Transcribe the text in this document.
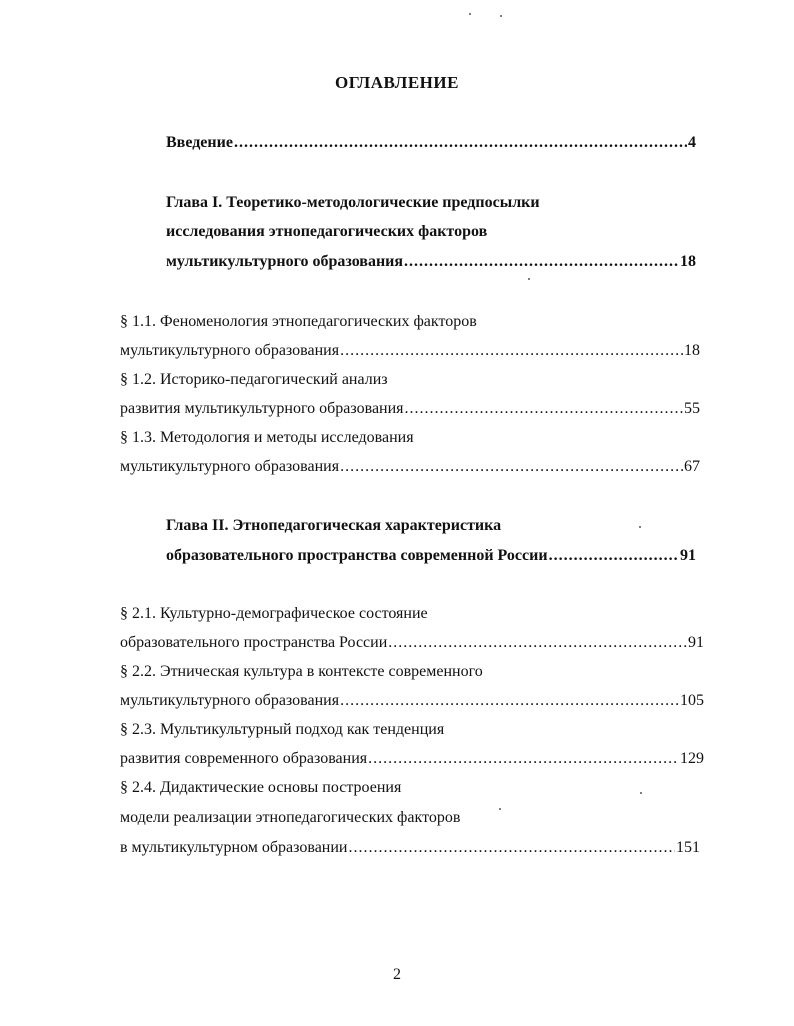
ОГЛАВЛЕНИЕ
Введение .....	4
Глава I. Теоретико-методологические предпосылки
исследования этнопедагогических факторов
мультикультурного образования .....	18
§ 1.1. Феноменология этнопедагогических факторов
мультикультурного образования .....	18
§ 1.2. Историко-педагогический анализ
развития мультикультурного образования .....	55
§ 1.3. Методология и методы исследования
мультикультурного образования .....	67
Глава II. Этнопедагогическая характеристика
образовательного пространства современной России .....	91
§ 2.1. Культурно-демографическое состояние
образовательного пространства России .....	91
§ 2.2. Этническая культура в контексте современного
мультикультурного образования .....	105
§ 2.3. Мультикультурный подход как тенденция
развития современного образования .....	129
§ 2.4. Дидактические основы построения
модели реализации этнопедагогических факторов
в мультикультурном образовании .....	151
2
